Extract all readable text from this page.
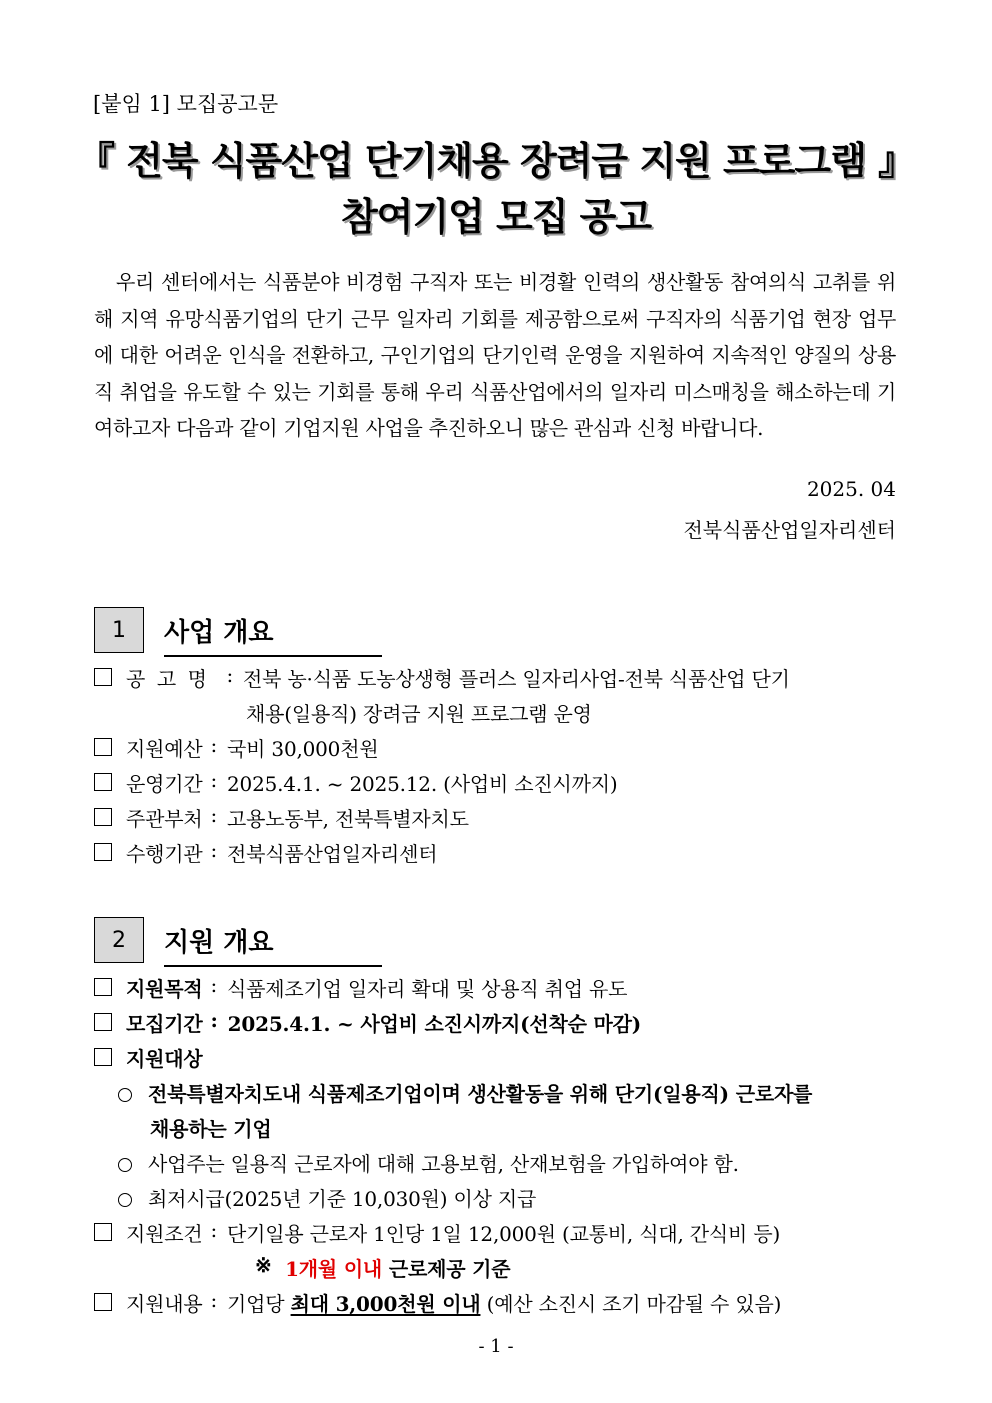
[붙임 1] 모집공고문
『 전북 식품산업 단기채용 장려금 지원 프로그램 』
참여기업 모집 공고
우리 센터에서는 식품분야 비경험 구직자 또는 비경활 인력의 생산활동 참여의식 고취를 위해 지역 유망식품기업의 단기 근무 일자리 기회를 제공함으로써 구직자의 식품기업 현장 업무에 대한 어려운 인식을 전환하고, 구인기업의 단기인력 운영을 지원하여 지속적인 양질의 상용직 취업을 유도할 수 있는 기회를 통해 우리 식품산업에서의 일자리 미스매칭을 해소하는데 기여하고자 다음과 같이 기업지원 사업을 추진하오니 많은 관심과 신청 바랍니다.
2025. 04
전북식품산업일자리센터
1	사업 개요
공고명 : 전북 농·식품 도농상생형 플러스 일자리사업-전북 식품산업 단기
채용(일용직) 장려금 지원 프로그램 운영
지원예산 : 국비 30,000천원
운영기간 : 2025.4.1. ~ 2025.12. (사업비 소진시까지)
주관부처 : 고용노동부, 전북특별자치도
수행기관 : 전북식품산업일자리센터
2	지원 개요
지원목적 : 식품제조기업 일자리 확대 및 상용직 취업 유도
모집기간 : 2025.4.1. ~ 사업비 소진시까지(선착순 마감)
지원대상
전북특별자치도내 식품제조기업이며 생산활동을 위해 단기(일용직) 근로자를
채용하는 기업
사업주는 일용직 근로자에 대해 고용보험, 산재보험을 가입하여야 함.
최저시급(2025년 기준 10,030원) 이상 지급
지원조건 : 단기일용 근로자 1인당 1일 12,000원 (교통비, 식대, 간식비 등)
※
1개월 이내
근로제공 기준
지원내용 : 기업당
최대 3,000천원 이내
(예산 소진시 조기 마감될 수 있음)
- 1 -
